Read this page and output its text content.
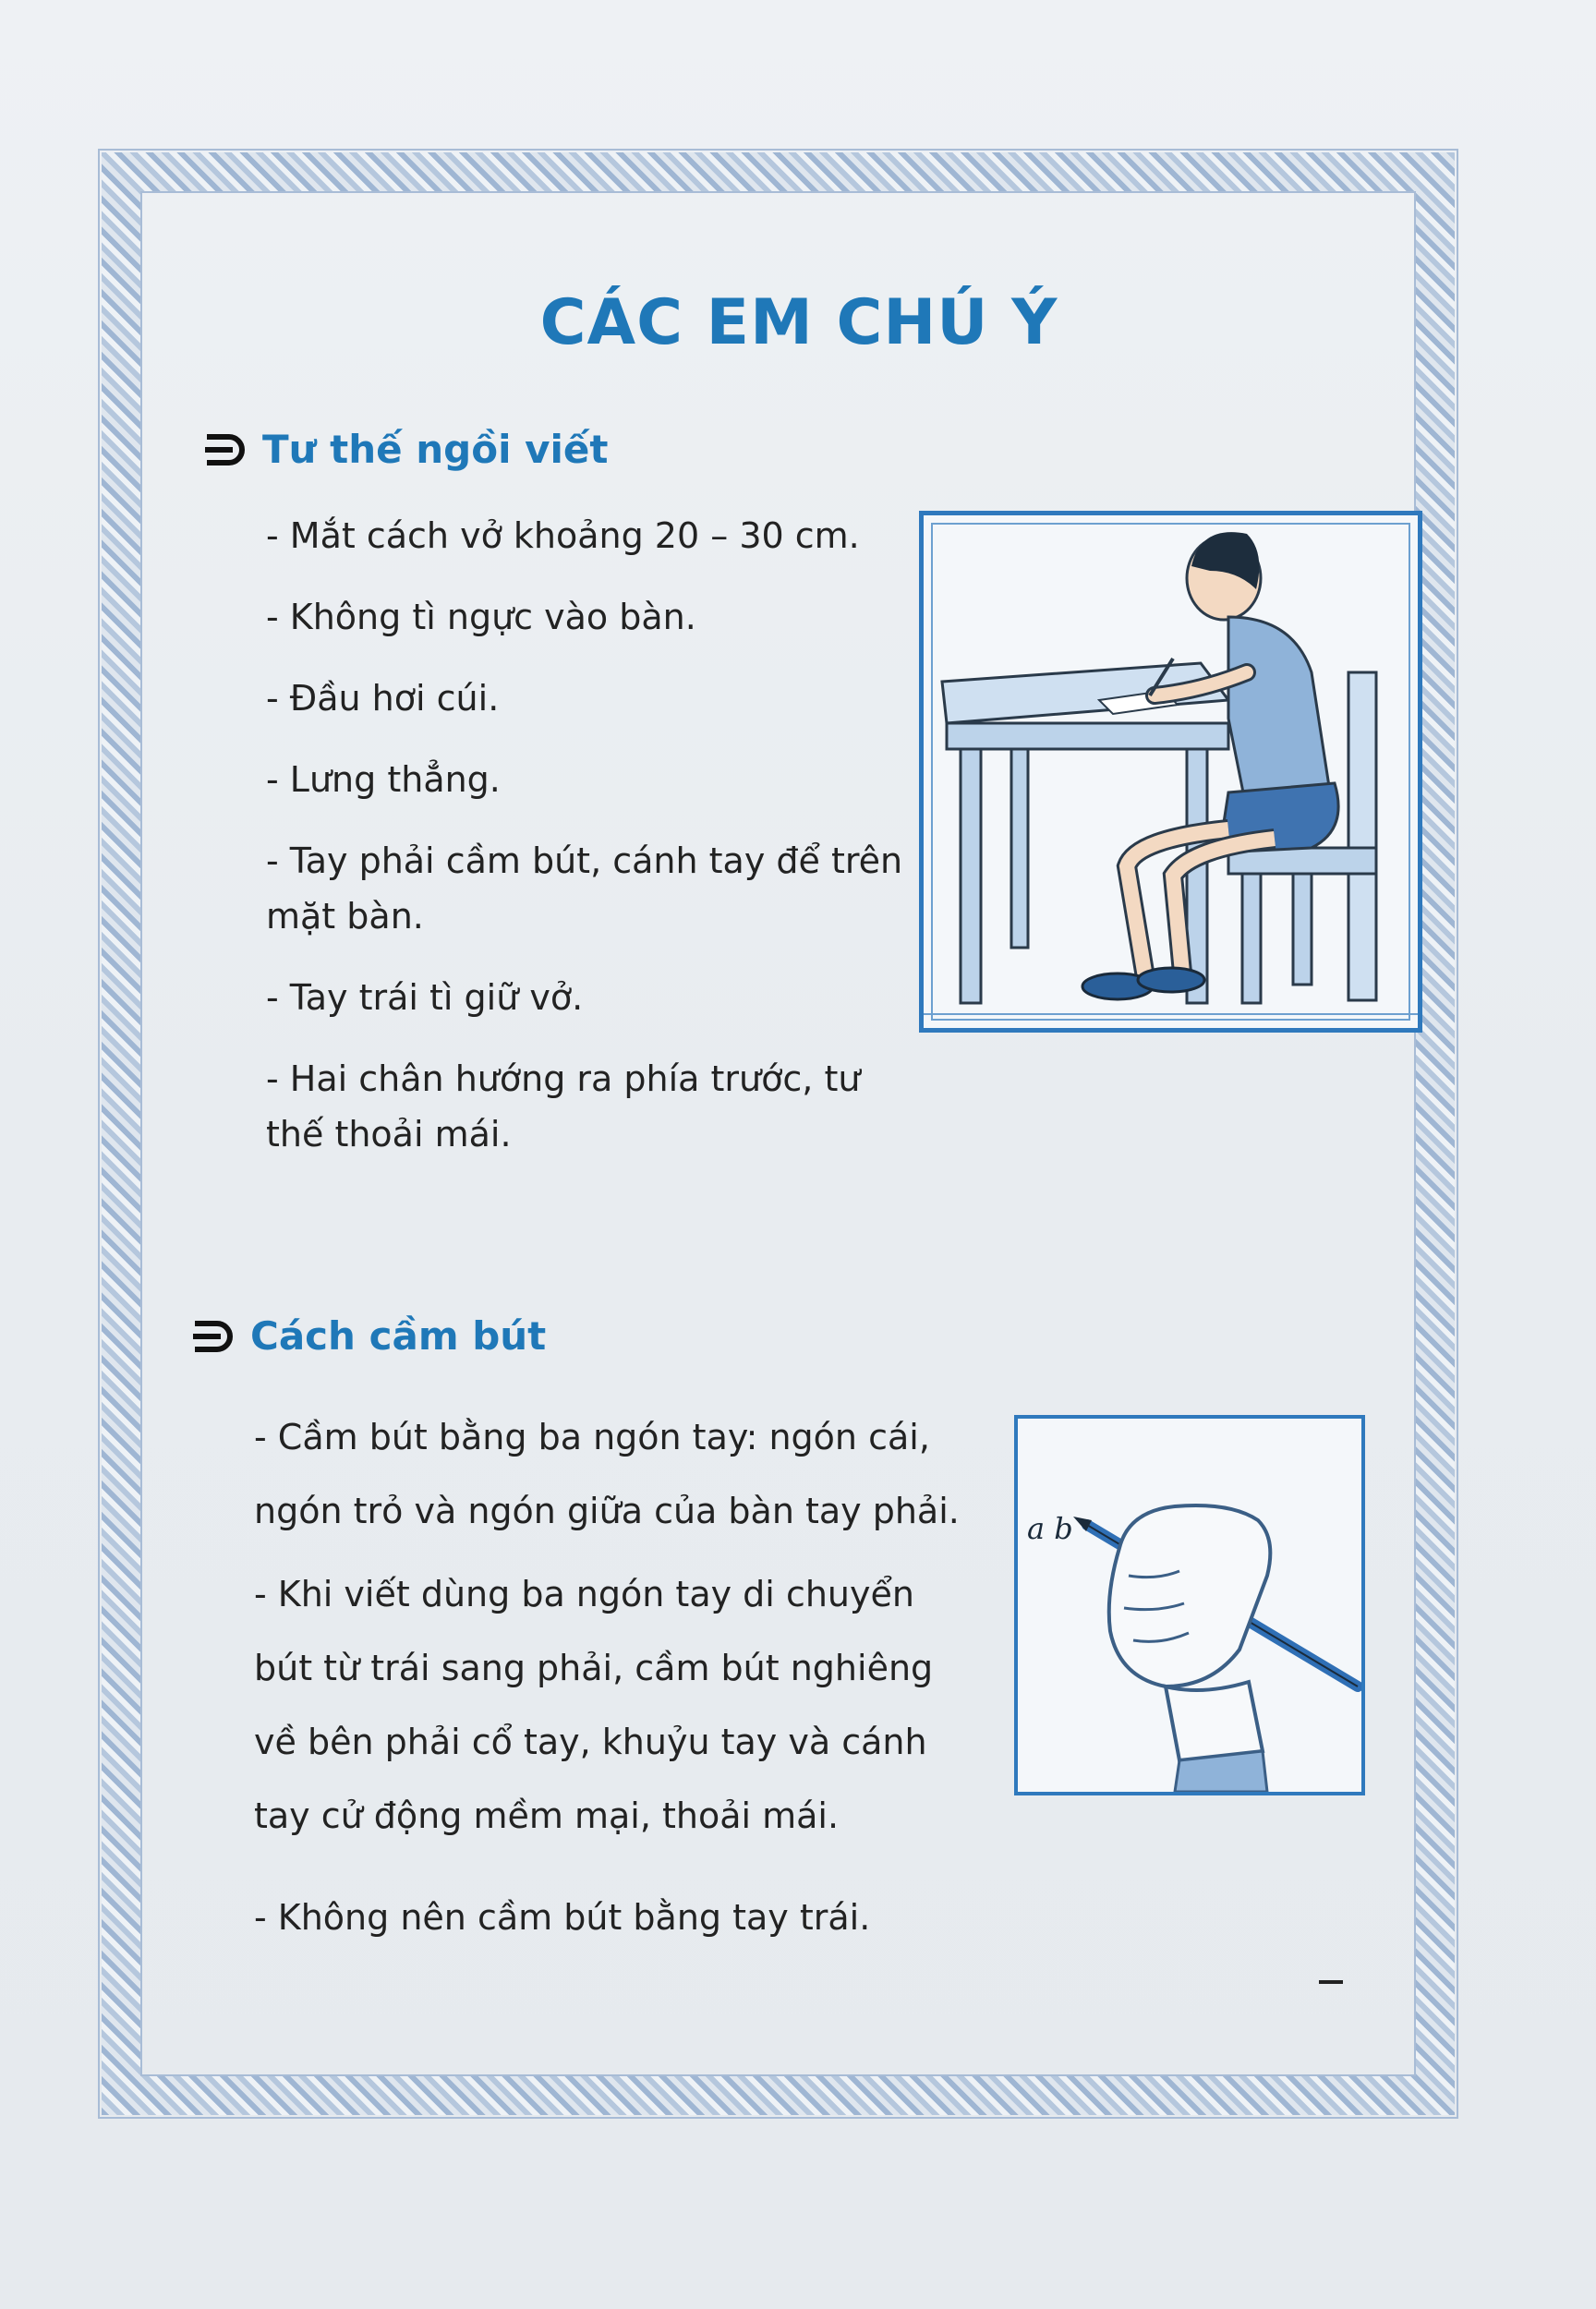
CÁC EM CHÚ Ý
Tư thế ngồi viết
- Mắt cách vở khoảng 20 – 30 cm.
- Không tì ngực vào bàn.
- Đầu hơi cúi.
- Lưng thẳng.
- Tay phải cầm bút, cánh tay để trên mặt bàn.
- Tay trái tì giữ vở.
- Hai chân hướng ra phía trước, tư thế thoải mái.
Cách cầm bút
- Cầm bút bằng ba ngón tay: ngón cái, ngón trỏ và ngón giữa của bàn tay phải.
- Khi viết dùng ba ngón tay di chuyển bút từ trái sang phải, cầm bút nghiêng về bên phải cổ tay, khuỷu tay và cánh tay cử động mềm mại, thoải mái.
- Không nên cầm bút bằng tay trái.
a b
